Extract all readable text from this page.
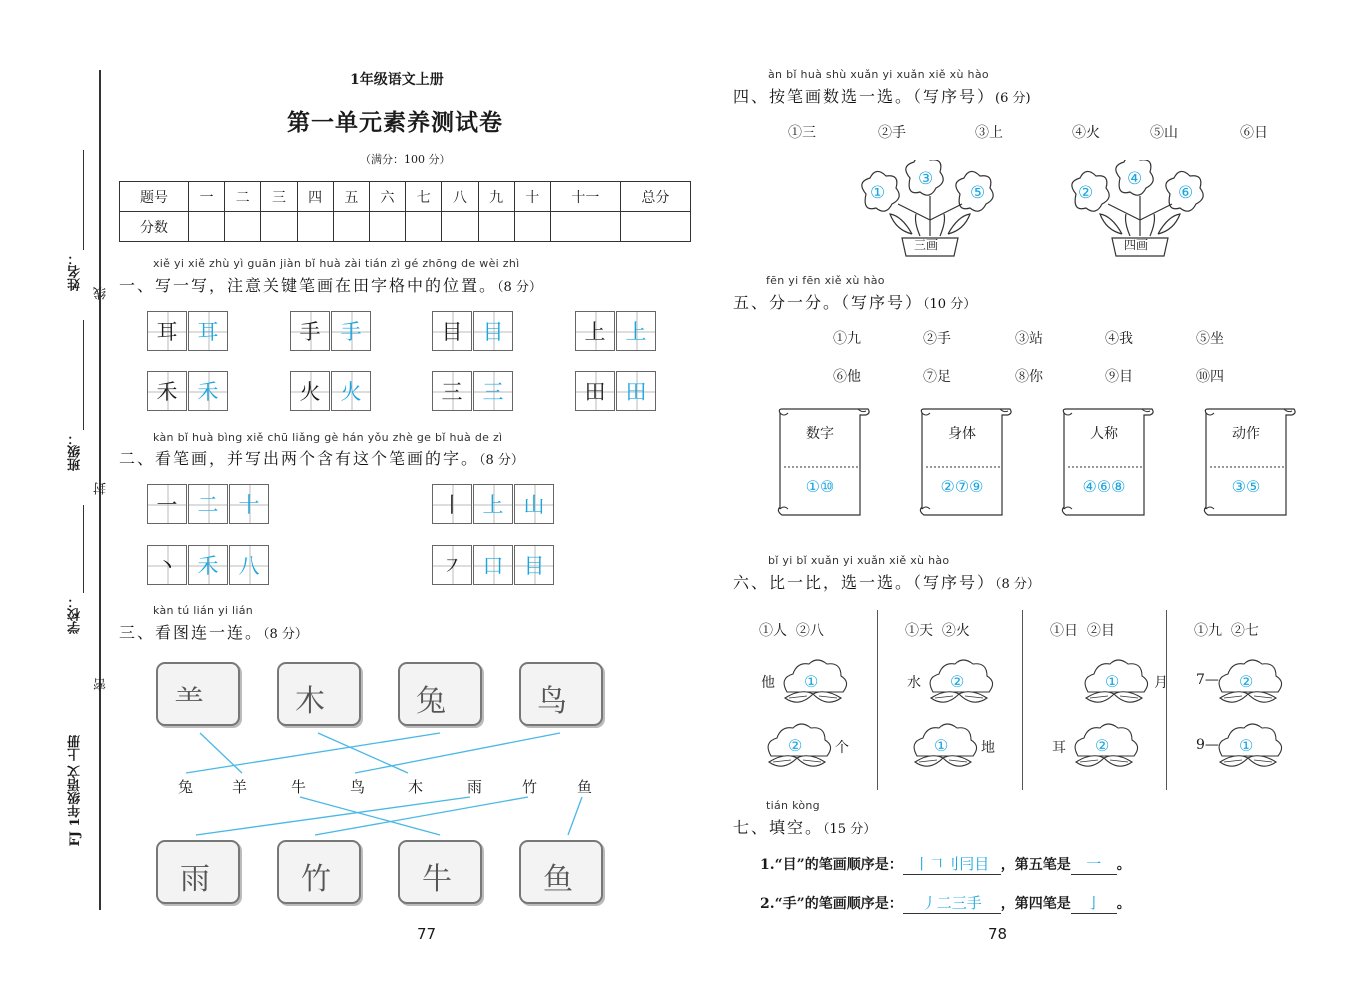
姓名：
线
班级：
封
学校：
密
FJ 1年级语文 上册
1年级语文上册
第一单元素养测试卷
（满分：100 分）
题号	一	二	三	四	五	六	七	八	九	十	十一	总分
分数												
xiě yi xiě zhù yì guān jiàn bǐ huà zài tián zì gé zhōng de wèi zhì
一、写一写，注意关键笔画在田字格中的位置。（8 分）
耳 耳	手 手	目 目	上 上
禾 禾	火 火	三 三	田 田
kàn bǐ huà bìng xiě chū liǎng gè hán yǒu zhè ge bǐ huà de zì
二、看笔画，并写出两个含有这个笔画的字。（8 分）
一 二 十	丨 上 山
丶 禾 八	㇇ 口 目
kàn tú lián yi lián
三、看图连一连。（8 分）
⺷	木	兔	鸟
兔	羊	牛	鸟	木	雨	竹	鱼
雨	竹	牛	鱼
77
àn bǐ huà shù xuǎn yi xuǎn xiě xù hào
四、按笔画数选一选。（写序号）(6 分)
①三	②手	③上	④火	⑤山	⑥日
①
③
⑤
三画
②
④
⑥
四画
fēn yi fēn xiě xù hào
五、分一分。（写序号）（10 分）
①九	②手	③站	④我	⑤坐
⑥他	⑦足	⑧你	⑨目	⑩四
数字
①⑩
身体
②⑦⑨
人称
④⑥⑧
动作
③⑤
bǐ yi bǐ xuǎn yi xuǎn xiě xù hào
六、比一比，选一选。（写序号）（8 分）
①人  ②八
他 ①
② 个
①天  ②火
水 ②
① 地
①日  ②目
① 月
耳 ②
①九  ②七
7— ②
9— ①
tián kòng
七、填空。（15 分）
1.“目”的笔画顺序是： 丨𠃍刂冃目 ，第五笔是 一 。
2.“手”的笔画顺序是： 丿二三手 ，第四笔是 亅 。
78
